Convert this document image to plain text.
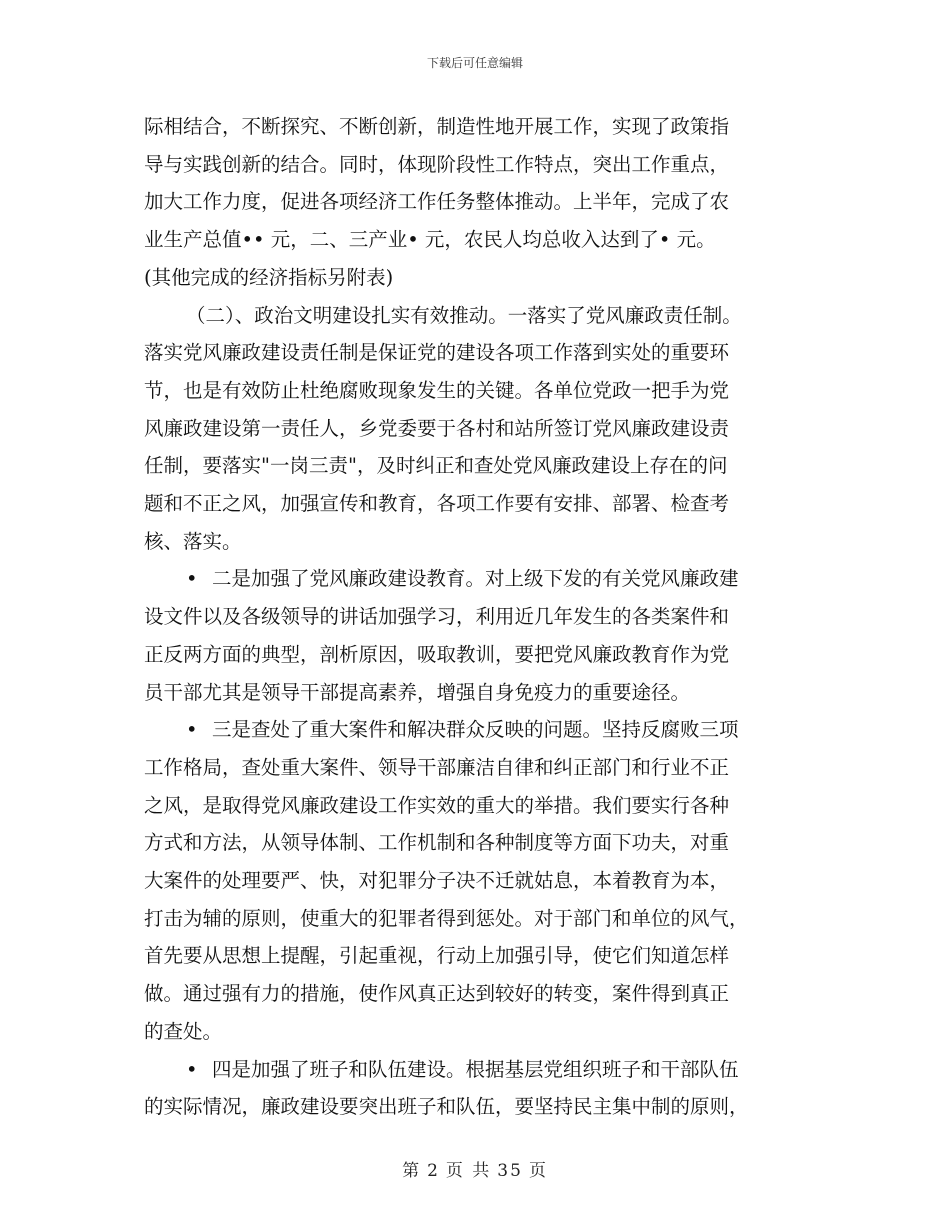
下载后可任意编辑

际相结合，不断探究、不断创新，制造性地开展工作，实现了政策指
导与实践创新的结合。同时，体现阶段性工作特点，突出工作重点，
加大工作力度，促进各项经济工作任务整体推动。上半年，完成了农
业生产总值•• 元，二、三产业• 元，农民人均总收入达到了• 元。
(其他完成的经济指标另附表)

（二）、政治文明建设扎实有效推动。一落实了党风廉政责任制。
落实党风廉政建设责任制是保证党的建设各项工作落到实处的重要环
节，也是有效防止杜绝腐败现象发生的关键。各单位党政一把手为党
风廉政建设第一责任人，乡党委要于各村和站所签订党风廉政建设责
任制，要落实"一岗三责"，及时纠正和查处党风廉政建设上存在的问
题和不正之风，加强宣传和教育，各项工作要有安排、部署、检查考
核、落实。

• 二是加强了党风廉政建设教育。对上级下发的有关党风廉政建
设文件以及各级领导的讲话加强学习，利用近几年发生的各类案件和
正反两方面的典型，剖析原因，吸取教训，要把党风廉政教育作为党
员干部尤其是领导干部提高素养，增强自身免疫力的重要途径。

• 三是查处了重大案件和解决群众反映的问题。坚持反腐败三项
工作格局，查处重大案件、领导干部廉洁自律和纠正部门和行业不正
之风，是取得党风廉政建设工作实效的重大的举措。我们要实行各种
方式和方法，从领导体制、工作机制和各种制度等方面下功夫，对重
大案件的处理要严、快，对犯罪分子决不迁就姑息，本着教育为本，
打击为辅的原则，使重大的犯罪者得到惩处。对于部门和单位的风气，
首先要从思想上提醒，引起重视，行动上加强引导，使它们知道怎样
做。通过强有力的措施，使作风真正达到较好的转变，案件得到真正
的查处。

• 四是加强了班子和队伍建设。根据基层党组织班子和干部队伍
的实际情况，廉政建设要突出班子和队伍，要坚持民主集中制的原则，

第 2 页 共 35 页
